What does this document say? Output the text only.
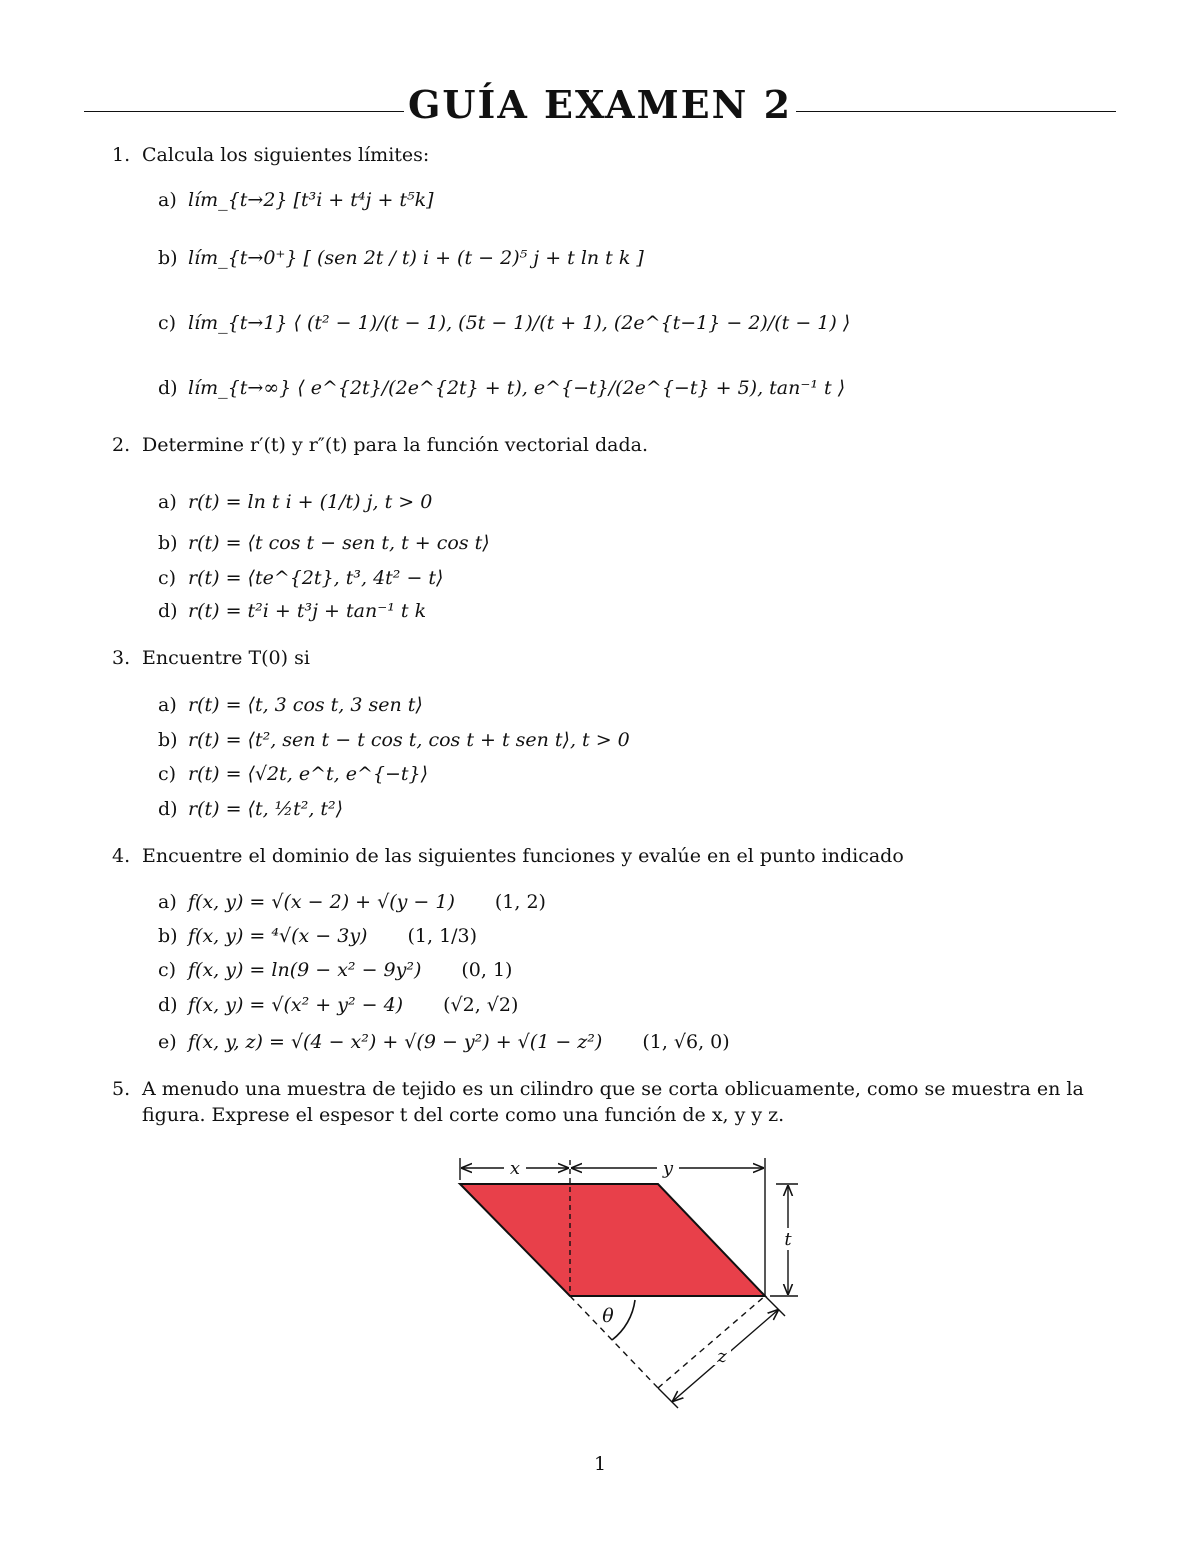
GUÍA EXAMEN 2
1. Calcula los siguientes límites:
a) lím_{t→2} [t³i + t⁴j + t⁵k]
b) lím_{t→0⁺} [ (sen 2t / t) i + (t − 2)⁵ j + t ln t k ]
c) lím_{t→1} ⟨ (t² − 1)/(t − 1), (5t − 1)/(t + 1), (2e^{t−1} − 2)/(t − 1) ⟩
d) lím_{t→∞} ⟨ e^{2t}/(2e^{2t} + t), e^{−t}/(2e^{−t} + 5), tan⁻¹ t ⟩
2. Determine r′(t) y r″(t) para la función vectorial dada.
a) r(t) = ln t i + (1/t) j, t > 0
b) r(t) = ⟨t cos t − sen t, t + cos t⟩
c) r(t) = ⟨te^{2t}, t³, 4t² − t⟩
d) r(t) = t²i + t³j + tan⁻¹ t k
3. Encuentre T(0) si
a) r(t) = ⟨t, 3 cos t, 3 sen t⟩
b) r(t) = ⟨t², sen t − t cos t, cos t + t sen t⟩, t > 0
c) r(t) = ⟨√2t, e^t, e^{−t}⟩
d) r(t) = ⟨t, ½t², t²⟩
4. Encuentre el dominio de las siguientes funciones y evalúe en el punto indicado
a) f(x, y) = √(x − 2) + √(y − 1) (1, 2)
b) f(x, y) = ⁴√(x − 3y) (1, 1/3)
c) f(x, y) = ln(9 − x² − 9y²) (0, 1)
d) f(x, y) = √(x² + y² − 4) (√2, √2)
e) f(x, y, z) = √(4 − x²) + √(9 − y²) + √(1 − z²) (1, √6, 0)
5. A menudo una muestra de tejido es un cilindro que se corta oblicuamente, como se muestra en la figura. Exprese el espesor t del corte como una función de x, y y z.
x	y
t
z
θ
1
